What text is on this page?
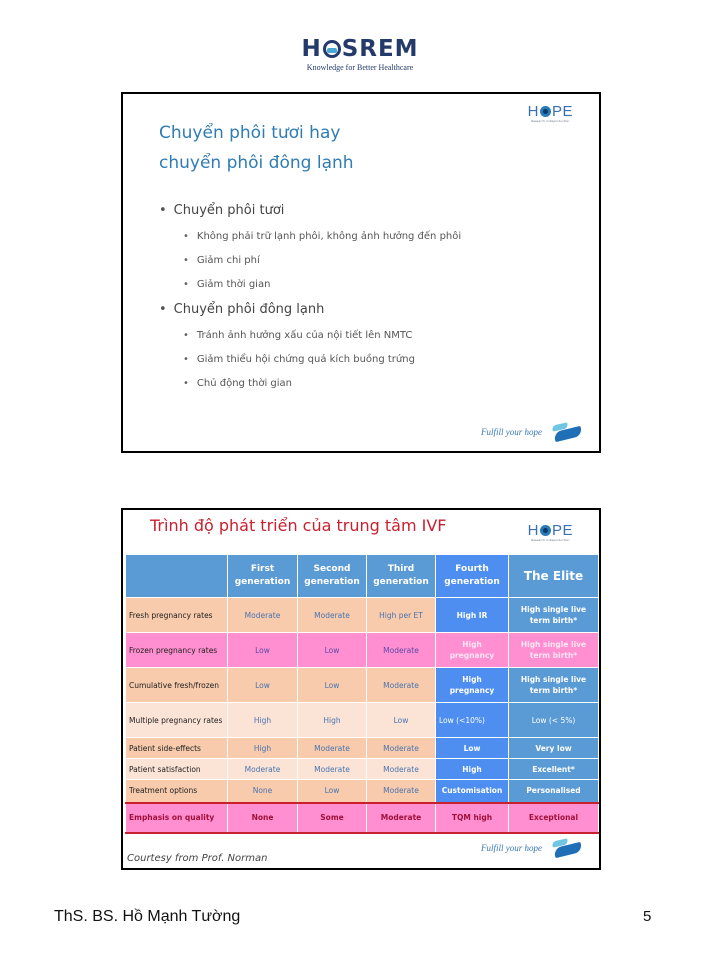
H SREM
Knowledge for Better Healthcare
H PE
Research in Reproduction
Chuyển phôi tươi hay
chuyển phôi đông lạnh
• Chuyển phôi tươi
• Không phải trữ lạnh phôi, không ảnh hưởng đến phôi
• Giảm chi phí
• Giảm thời gian
• Chuyển phôi đông lạnh
• Tránh ảnh hưởng xấu của nội tiết lên NMTC
• Giảm thiểu hội chứng quá kích buồng trứng
• Chủ động thời gian
Fulfill your hope
Trình độ phát triển của trung tâm IVF	H PE
Research in Reproduction
	First generation	Second generation	Third generation	Fourth generation	The Elite
Fresh pregnancy rates	Moderate	Moderate	High per ET	High IR	High single live term birth*
Frozen pregnancy rates	Low	Low	Moderate	High pregnancy	High single live term birth*
Cumulative fresh/frozen	Low	Low	Moderate	High pregnancy	High single live term birth*
Multiple pregnancy rates	High	High	Low	Low (<10%)	Low (< 5%)
Patient side-effects	High	Moderate	Moderate	Low	Very low
Patient satisfaction	Moderate	Moderate	Moderate	High	Excellent*
Treatment options	None	Low	Moderate	Customisation	Personalised
Emphasis on quality	None	Some	Moderate	TQM high	Exceptional
Courtesy from Prof. Norman
Fulfill your hope
ThS. BS. Hồ Mạnh Tường	5
